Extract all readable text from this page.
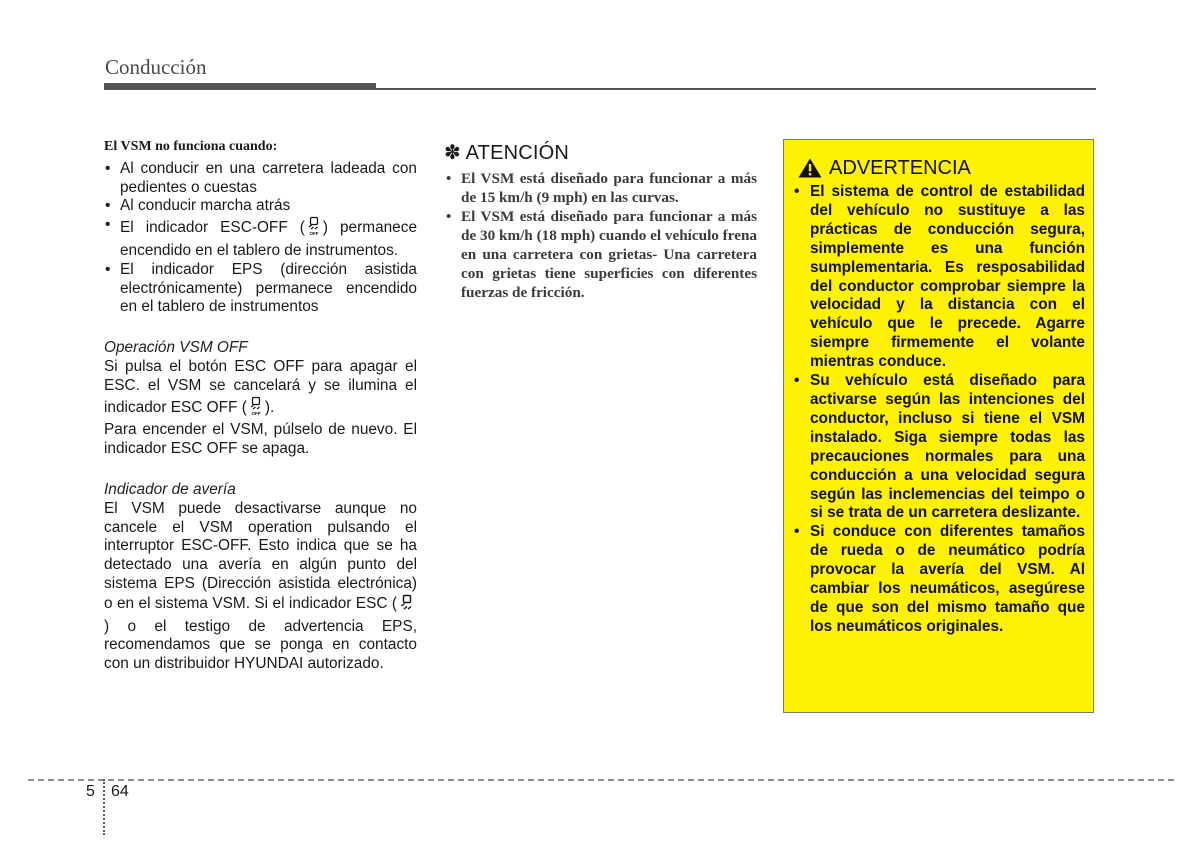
Conducción
El VSM no funciona cuando:
• Al conducir en una carretera ladeada con pedientes o cuestas
• Al conducir marcha atrás
• El indicador ESC-OFF ( OFF ) permanece encendido en el tablero de instrumentos.
• El indicador EPS (dirección asistida electrónicamente) permanece encendido en el tablero de instrumentos
Operación VSM OFF
Si pulsa el botón ESC OFF para apagar el ESC. el VSM se cancelará y se ilumina el indicador ESC OFF ( OFF ).
Para encender el VSM, púlselo de nuevo. El indicador ESC OFF se apaga.
Indicador de avería
El VSM puede desactivarse aunque no cancele el VSM operation pulsando el interruptor ESC-OFF. Esto indica que se ha detectado una avería en algún punto del sistema EPS (Dirección asistida electrónica) o en el sistema VSM. Si el indicador ESC () o el testigo de advertencia EPS, recomendamos que se ponga en contacto con un distribuidor HYUNDAI autorizado.
✽ ATENCIÓN
• El VSM está diseñado para funcionar a más de 15 km/h (9 mph) en las curvas.
• El VSM está diseñado para funcionar a más de 30 km/h (18 mph) cuando el vehículo frena en una carretera con grietas- Una carretera con grietas tiene superficies con diferentes fuerzas de fricción.
ADVERTENCIA
• El sistema de control de estabilidad del vehículo no sustituye a las prácticas de conducción segura, simplemente es una función sumplementaria. Es resposabilidad del conductor comprobar siempre la velocidad y la distancia con el vehículo que le precede. Agarre siempre firmemente el volante mientras conduce.
• Su vehículo está diseñado para activarse según las intenciones del conductor, incluso si tiene el VSM instalado. Siga siempre todas las precauciones normales para una conducción a una velocidad segura según las inclemencias del teimpo o si se trata de un carretera deslizante.
• Si conduce con diferentes tamaños de rueda o de neumático podría provocar la avería del VSM. Al cambiar los neumáticos, asegúrese de que son del mismo tamaño que los neumáticos originales.
5 64
